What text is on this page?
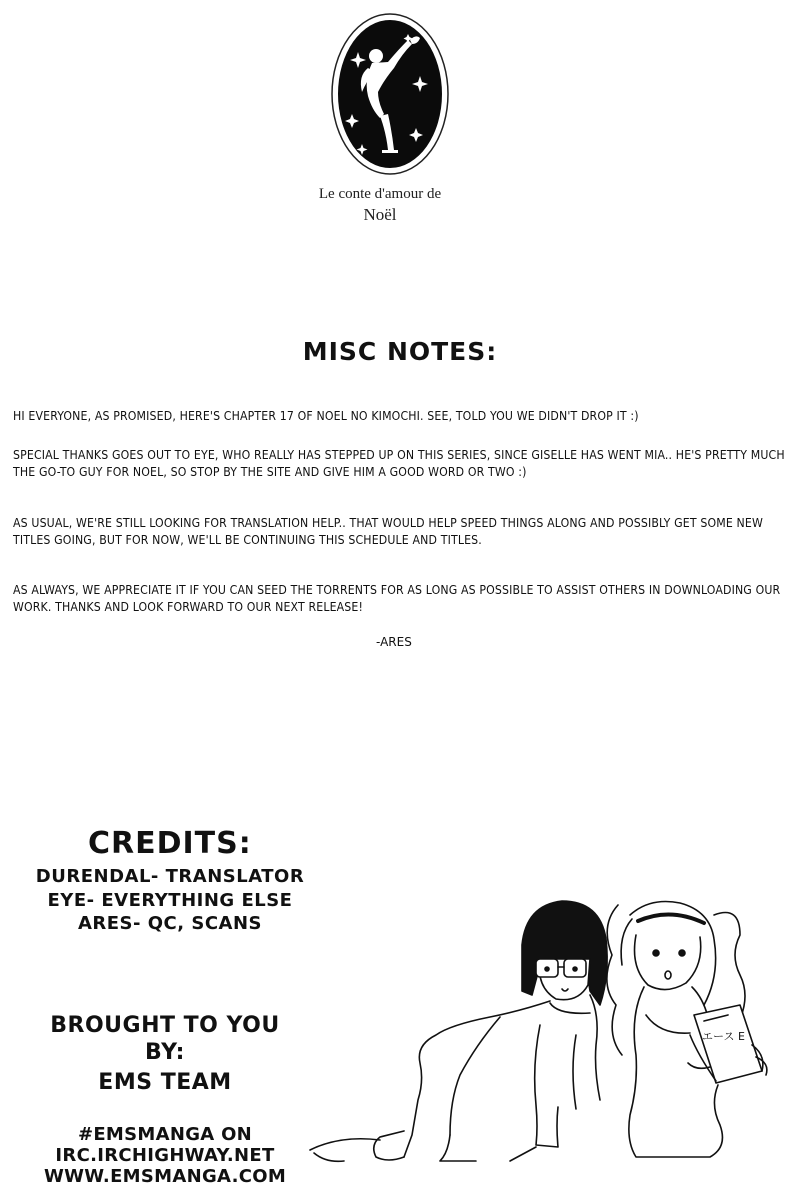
Le conte d'amour de
Noël
MISC NOTES:

HI EVERYONE, AS PROMISED, HERE'S CHAPTER 17 OF NOEL NO KIMOCHI. SEE, TOLD YOU WE DIDN'T DROP IT :)

SPECIAL THANKS GOES OUT TO EYE, WHO REALLY HAS STEPPED UP ON THIS SERIES, SINCE GISELLE HAS WENT MIA.. HE'S PRETTY MUCH THE GO-TO GUY FOR NOEL, SO STOP BY THE SITE AND GIVE HIM A GOOD WORD OR TWO :)

AS USUAL, WE'RE STILL LOOKING FOR TRANSLATION HELP.. THAT WOULD HELP SPEED THINGS ALONG AND POSSIBLY GET SOME NEW TITLES GOING, BUT FOR NOW, WE'LL BE CONTINUING THIS SCHEDULE AND TITLES.

AS ALWAYS, WE APPRECIATE IT IF YOU CAN SEED THE TORRENTS FOR AS LONG AS POSSIBLE TO ASSIST OTHERS IN DOWNLOADING OUR WORK. THANKS AND LOOK FORWARD TO OUR NEXT RELEASE!

-ARES
CREDITS:
DURENDAL- TRANSLATOR
EYE- EVERYTHING ELSE
ARES- QC, SCANS
BROUGHT TO YOU
BY:
EMS TEAM
#EMSMANGA ON
IRC.IRCHIGHWAY.NET
WWW.EMSMANGA.COM
エース E
